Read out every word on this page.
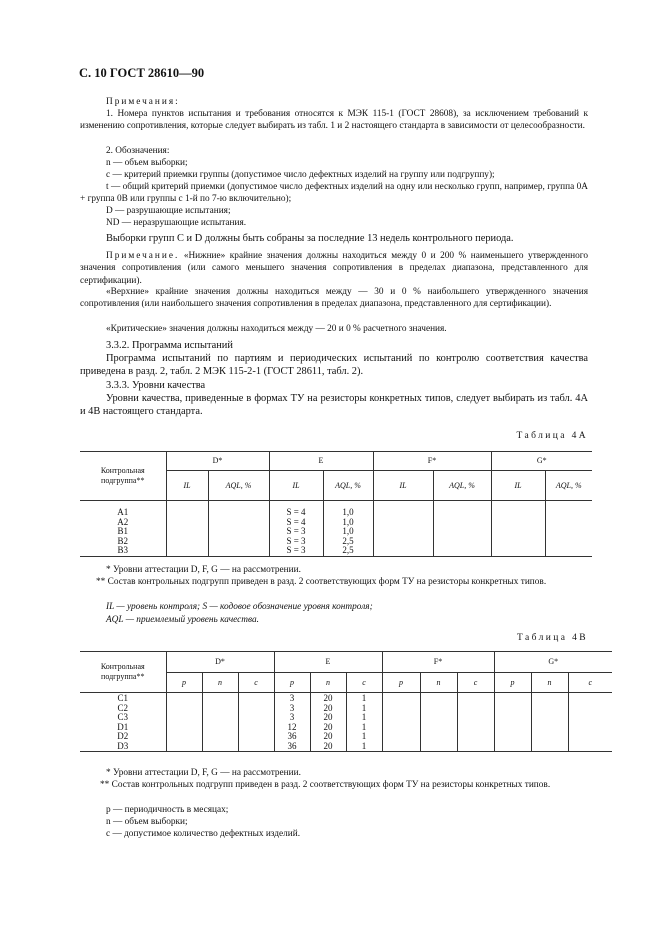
С. 10 ГОСТ 28610—90
Примечания:
1. Номера пунктов испытания и требования относятся к МЭК 115-1 (ГОСТ 28608), за исключением требований к изменению сопротивления, которые следует выбирать из табл. 1 и 2 настоящего стандарта в зависимости от целесообразности.
2. Обозначения:
n — объем выборки;
c — критерий приемки группы (допустимое число дефектных изделий на группу или подгруппу);
t — общий критерий приемки (допустимое число дефектных изделий на одну или несколько групп, например, группа 0А + группа 0В или группы с 1-й по 7-ю включительно);
D — разрушающие испытания;
ND — неразрушающие испытания.
Выборки групп С и D должны быть собраны за последние 13 недель контрольного периода.
Примечание. «Нижние» крайние значения должны находиться между 0 и 200 % наименьшего утвержденного значения сопротивления (или самого меньшего значения сопротивления в пределах диапазона, представленного для сертификации).
«Верхние» крайние значения должны находиться между — 30 и 0 % наибольшего утвержденного значения сопротивления (или наибольшего значения сопротивления в пределах диапазона, представленного для сертификации).
«Критические» значения должны находиться между — 20 и 0 % расчетного значения.
3.3.2. Программа испытаний
Программа испытаний по партиям и периодических испытаний по контролю соответствия качества приведена в разд. 2, табл. 2 МЭК 115-2-1 (ГОСТ 28611, табл. 2).
3.3.3. Уровни качества
Уровни качества, приведенные в формах ТУ на резисторы конкретных типов, следует выбирать из табл. 4А и 4В настоящего стандарта.
Таблица 4А

Контрольная подгруппа**	D*		E		F*		G*	
	IL	AQL, %	IL	AQL, %	IL	AQL, %	IL	AQL, %

A1			S = 4	1,0				
A2			S = 4	1,0				
B1			S = 3	1,0				
B2			S = 3	2,5				
B3			S = 3	2,5				
* Уровни аттестации D, F, G — на рассмотрении.
** Состав контрольных подгрупп приведен в разд. 2 соответствующих форм ТУ на резисторы конкретных типов.
IL — уровень контроля; S — кодовое обозначение уровня контроля;
AQL — приемлемый уровень качества.
Таблица 4В

Контрольная подгруппа**	D*			E			F*			G*		
	p	n	c	p	n	c	p	n	c	p	n	c

C1				3	20	1						
C2				3	20	1						
C3				3	20	1						
D1				12	20	1						
D2				36	20	1						
D3				36	20	1						
* Уровни аттестации D, F, G — на рассмотрении.
** Состав контрольных подгрупп приведен в разд. 2 соответствующих форм ТУ на резисторы конкретных типов.
p — периодичность в месяцах;
n — объем выборки;
c — допустимое количество дефектных изделий.
